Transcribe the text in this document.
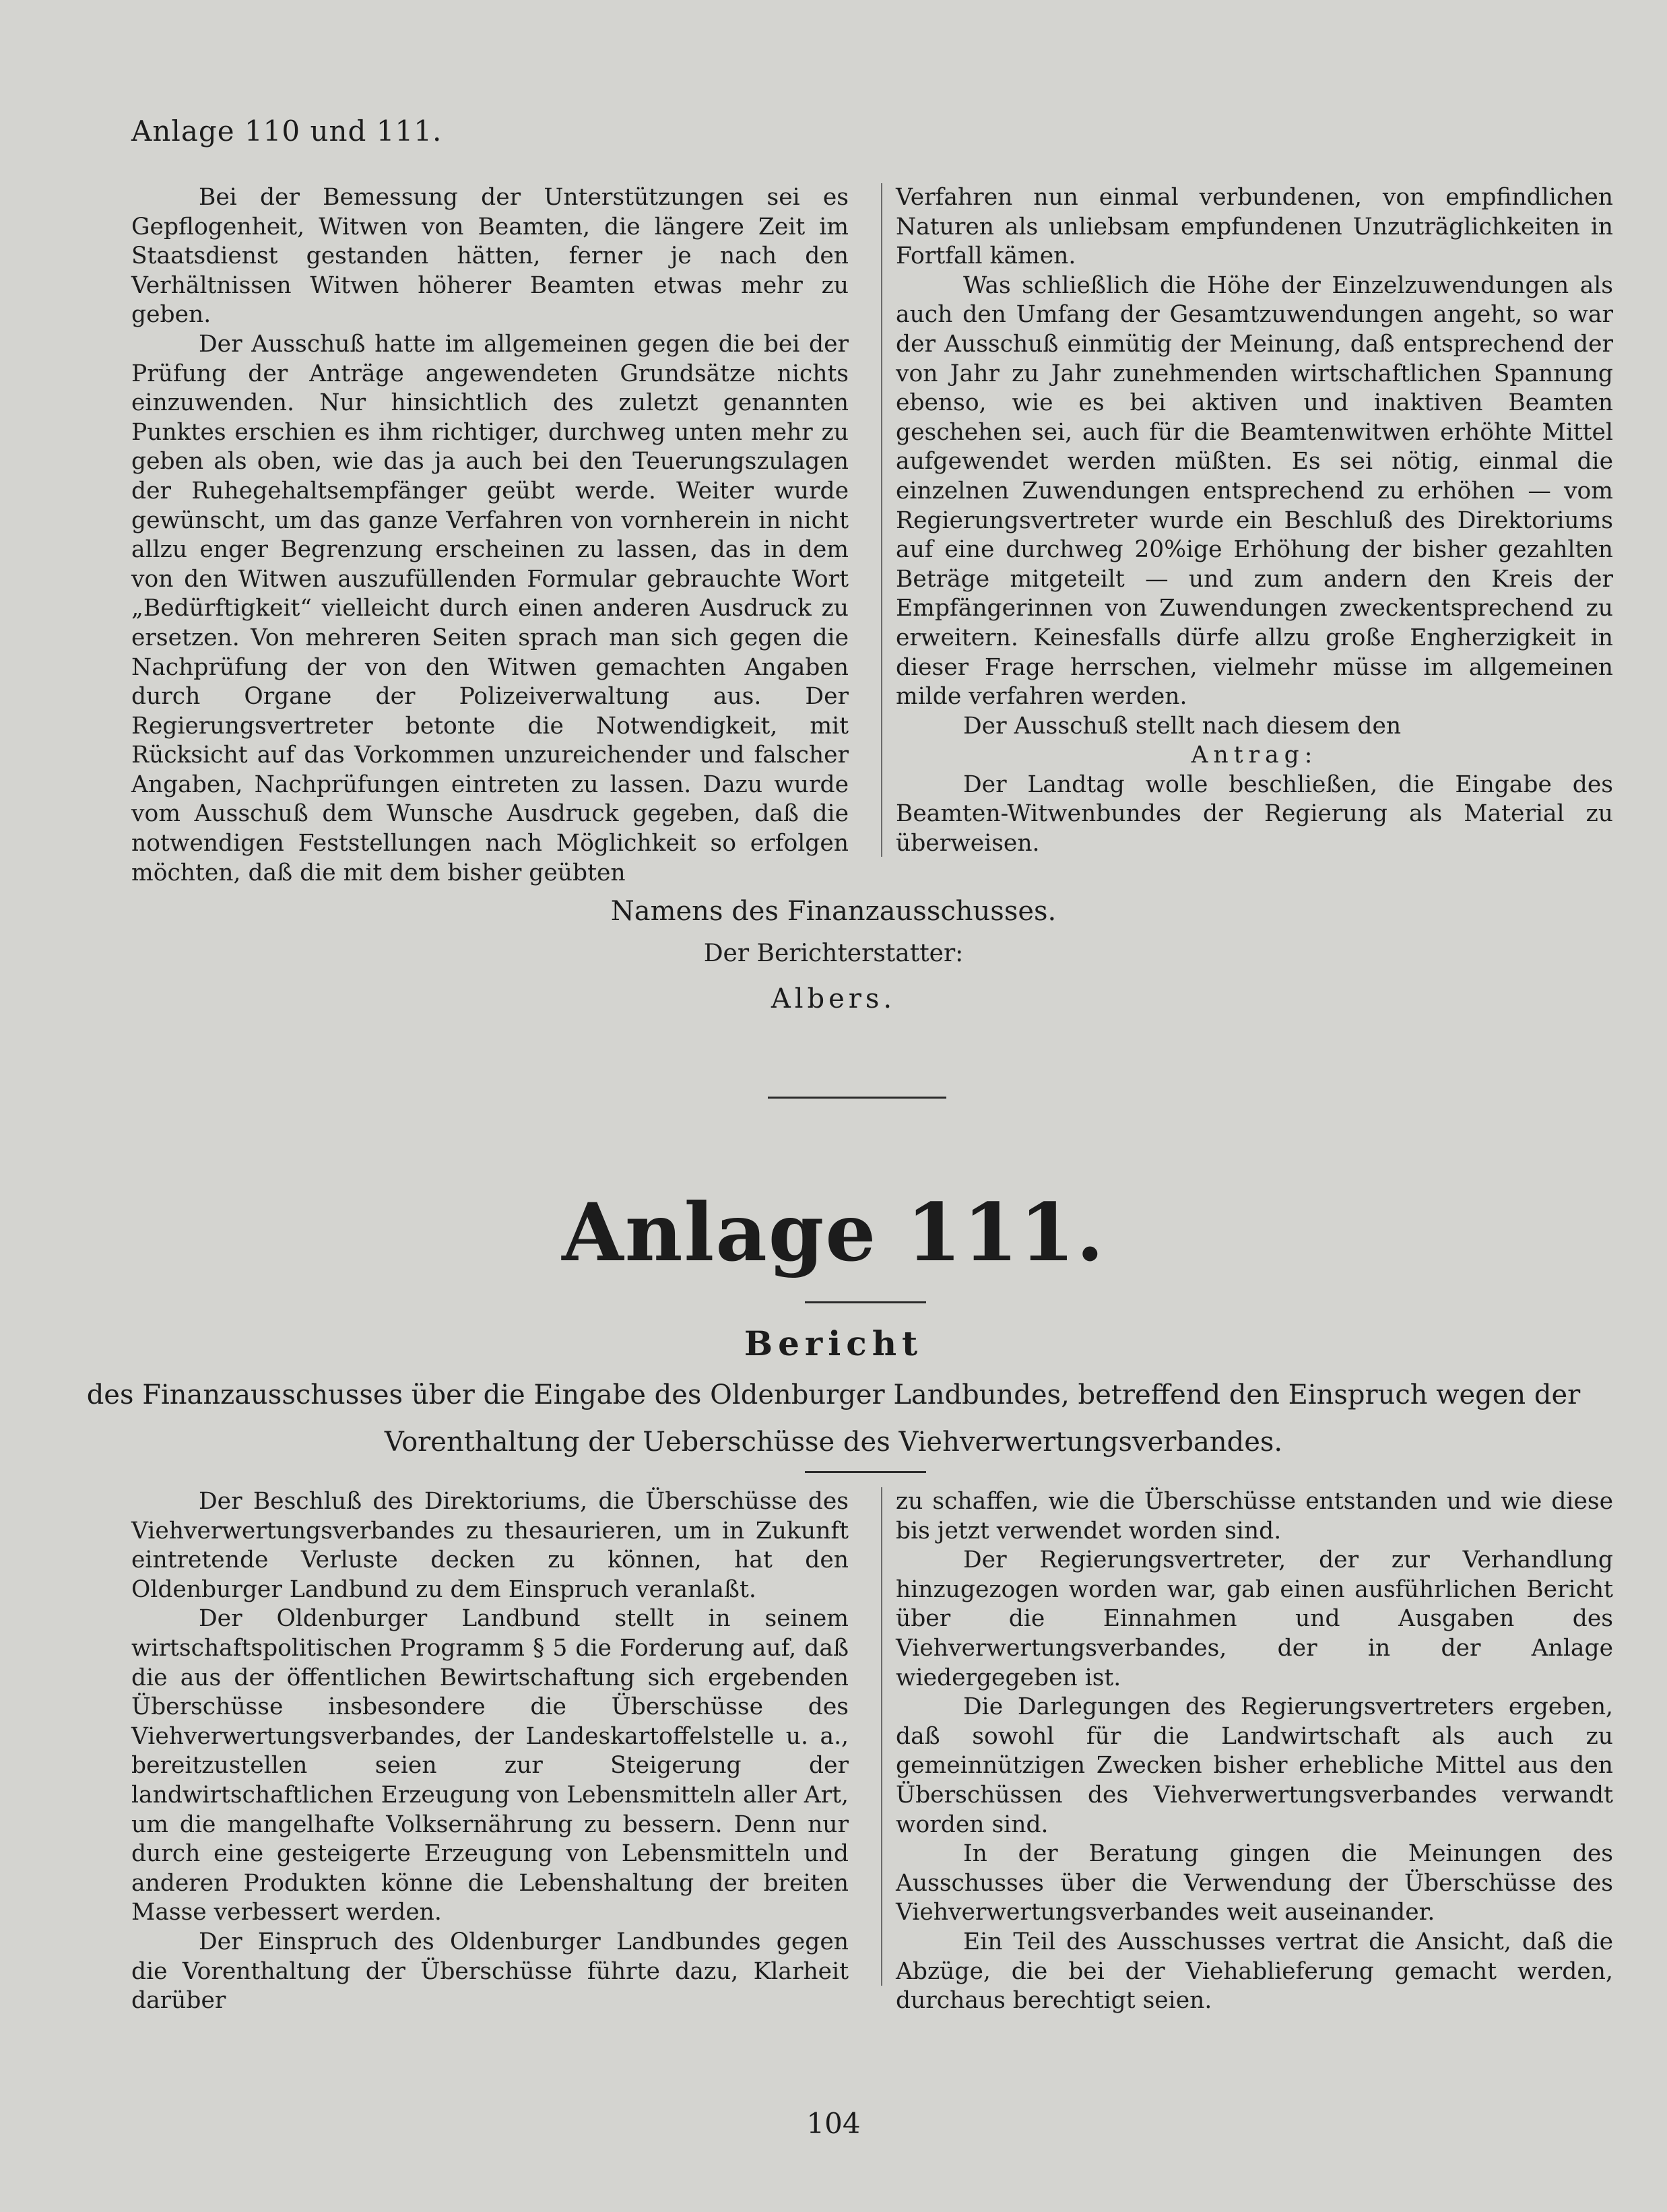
Anlage 110 und 111.

Bei der Bemessung der Unterstützungen sei es Gepflogenheit, Witwen von Beamten, die längere Zeit im Staatsdienst gestanden hätten, ferner je nach den Verhältnissen Witwen höherer Beamten etwas mehr zu geben.

Der Ausschuß hatte im allgemeinen gegen die bei der Prüfung der Anträge angewendeten Grundsätze nichts einzuwenden. Nur hinsichtlich des zuletzt genannten Punktes erschien es ihm richtiger, durchweg unten mehr zu geben als oben, wie das ja auch bei den Teuerungszulagen der Ruhegehaltsempfänger geübt werde. Weiter wurde gewünscht, um das ganze Verfahren von vornherein in nicht allzu enger Begrenzung erscheinen zu lassen, das in dem von den Witwen auszufüllenden Formular gebrauchte Wort „Bedürftigkeit“ vielleicht durch einen anderen Ausdruck zu ersetzen. Von mehreren Seiten sprach man sich gegen die Nachprüfung der von den Witwen gemachten Angaben durch Organe der Polizeiverwaltung aus. Der Regierungsvertreter betonte die Notwendigkeit, mit Rücksicht auf das Vorkommen unzureichender und falscher Angaben, Nachprüfungen eintreten zu lassen. Dazu wurde vom Ausschuß dem Wunsche Ausdruck gegeben, daß die notwendigen Feststellungen nach Möglichkeit so erfolgen möchten, daß die mit dem bisher geübten

Verfahren nun einmal verbundenen, von empfindlichen Naturen als unliebsam empfundenen Unzuträglichkeiten in Fortfall kämen.

Was schließlich die Höhe der Einzelzuwendungen als auch den Umfang der Gesamtzuwendungen angeht, so war der Ausschuß einmütig der Meinung, daß entsprechend der von Jahr zu Jahr zunehmenden wirtschaftlichen Spannung ebenso, wie es bei aktiven und inaktiven Beamten geschehen sei, auch für die Beamtenwitwen erhöhte Mittel aufgewendet werden müßten. Es sei nötig, einmal die einzelnen Zuwendungen entsprechend zu erhöhen — vom Regierungsvertreter wurde ein Beschluß des Direktoriums auf eine durchweg 20%ige Erhöhung der bisher gezahlten Beträge mitgeteilt — und zum andern den Kreis der Empfängerinnen von Zuwendungen zweckentsprechend zu erweitern. Keinesfalls dürfe allzu große Engherzigkeit in dieser Frage herrschen, vielmehr müsse im allgemeinen milde verfahren werden.

Der Ausschuß stellt nach diesem den

Antrag:

Der Landtag wolle beschließen, die Eingabe des Beamten-Witwenbundes der Regierung als Material zu überweisen.

Namens des Finanzausschusses.
Der Berichterstatter:
Albers.
Anlage 111.
Bericht
des Finanzausschusses über die Eingabe des Oldenburger Landbundes, betreffend den Einspruch wegen der
Vorenthaltung der Ueberschüsse des Viehverwertungsverbandes.

Der Beschluß des Direktoriums, die Überschüsse des Viehverwertungsverbandes zu thesaurieren, um in Zukunft eintretende Verluste decken zu können, hat den Oldenburger Landbund zu dem Einspruch veranlaßt.

Der Oldenburger Landbund stellt in seinem wirtschaftspolitischen Programm § 5 die Forderung auf, daß die aus der öffentlichen Bewirtschaftung sich ergebenden Überschüsse insbesondere die Überschüsse des Viehverwertungsverbandes, der Landeskartoffelstelle u. a., bereitzustellen seien zur Steigerung der landwirtschaftlichen Erzeugung von Lebensmitteln aller Art, um die mangelhafte Volksernährung zu bessern. Denn nur durch eine gesteigerte Erzeugung von Lebensmitteln und anderen Produkten könne die Lebenshaltung der breiten Masse verbessert werden.

Der Einspruch des Oldenburger Landbundes gegen die Vorenthaltung der Überschüsse führte dazu, Klarheit darüber

zu schaffen, wie die Überschüsse entstanden und wie diese bis jetzt verwendet worden sind.

Der Regierungsvertreter, der zur Verhandlung hinzugezogen worden war, gab einen ausführlichen Bericht über die Einnahmen und Ausgaben des Viehverwertungsverbandes, der in der Anlage wiedergegeben ist.

Die Darlegungen des Regierungsvertreters ergeben, daß sowohl für die Landwirtschaft als auch zu gemeinnützigen Zwecken bisher erhebliche Mittel aus den Überschüssen des Viehverwertungsverbandes verwandt worden sind.

In der Beratung gingen die Meinungen des Ausschusses über die Verwendung der Überschüsse des Viehverwertungsverbandes weit auseinander.

Ein Teil des Ausschusses vertrat die Ansicht, daß die Abzüge, die bei der Viehablieferung gemacht werden, durchaus berechtigt seien.

104
